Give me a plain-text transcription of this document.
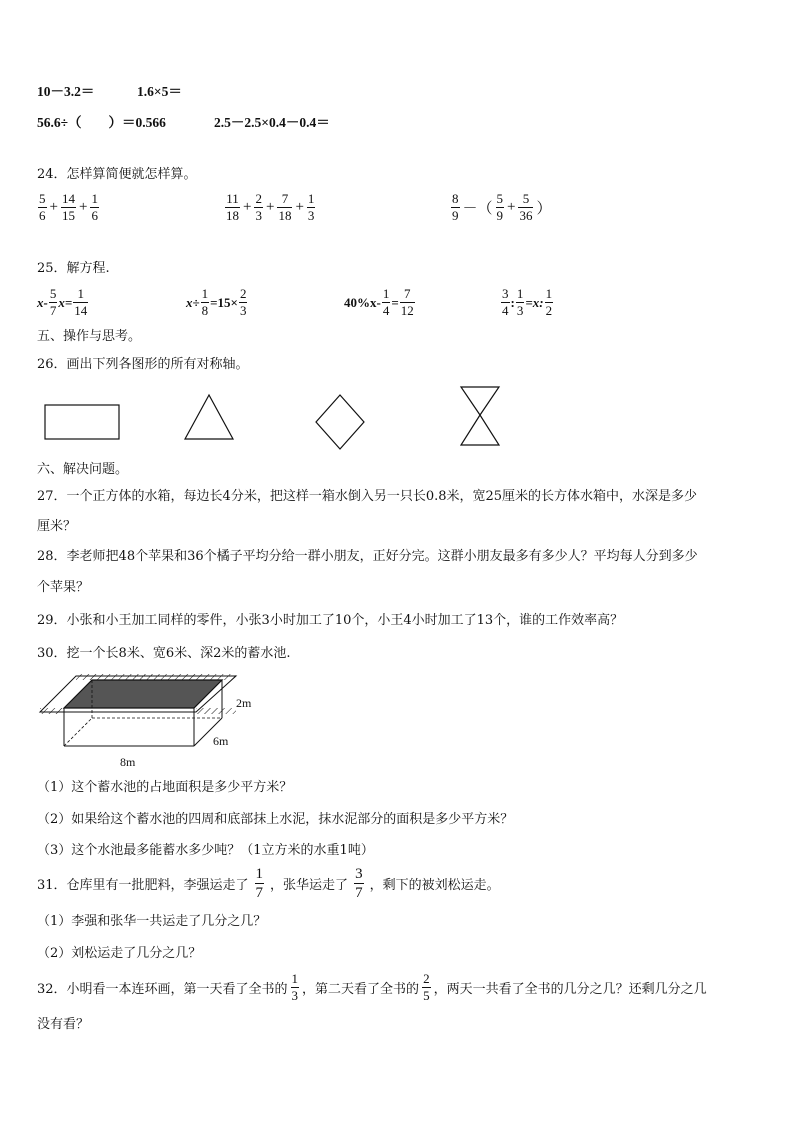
10－3.2＝	1.6×5＝
56.6÷（　　）＝0.566	2.5－2.5×0.4－0.4＝
24．怎样算简便就怎样算。
$\frac{5}{6} + \frac{14}{15} + \frac{1}{6}$	$\frac{11}{18} + \frac{2}{3} + \frac{7}{18} + \frac{1}{3}$	$\frac{8}{9}$ －（ $\frac{5}{9} + \frac{5}{36}$ ）
25．解方程.
$x- \frac{5}{7} x= \frac{1}{14}$	$x\div \frac{1}{8} =15\times \frac{2}{3}$	$40\%x- \frac{1}{4} = \frac{7}{12}$	$\frac{3}{4}$ : $\frac{1}{3} =x$: $\frac{1}{2}$
五、操作与思考。
26．画出下列各图形的所有对称轴。
六、解决问题。
27．一个正方体的水箱，每边长4分米，把这样一箱水倒入另一只长0.8米，宽25厘米的长方体水箱中，水深是多少
厘米？
28．李老师把48个苹果和36个橘子平均分给一群小朋友，正好分完。这群小朋友最多有多少人？平均每人分到多少
个苹果？
29．小张和小王加工同样的零件，小张3小时加工了10个，小王4小时加工了13个，谁的工作效率高？
30．挖一个长8米、宽6米、深2米的蓄水池.
2m
6m
8m
（1）这个蓄水池的占地面积是多少平方米？
（2）如果给这个蓄水池的四周和底部抹上水泥，抹水泥部分的面积是多少平方米？
（3）这个水池最多能蓄水多少吨？（1立方米的水重1吨）
31．仓库里有一批肥料，李强运走了 $\frac{1}{7}$ ，张华运走了 $\frac{3}{7}$ ，剩下的被刘松运走。
（1）李强和张华一共运走了几分之几？
（2）刘松运走了几分之几？
32．小明看一本连环画，第一天看了全书的 $\frac{1}{3}$ ，第二天看了全书的 $\frac{2}{5}$ ，两天一共看了全书的几分之几？还剩几分之几
没有看？
